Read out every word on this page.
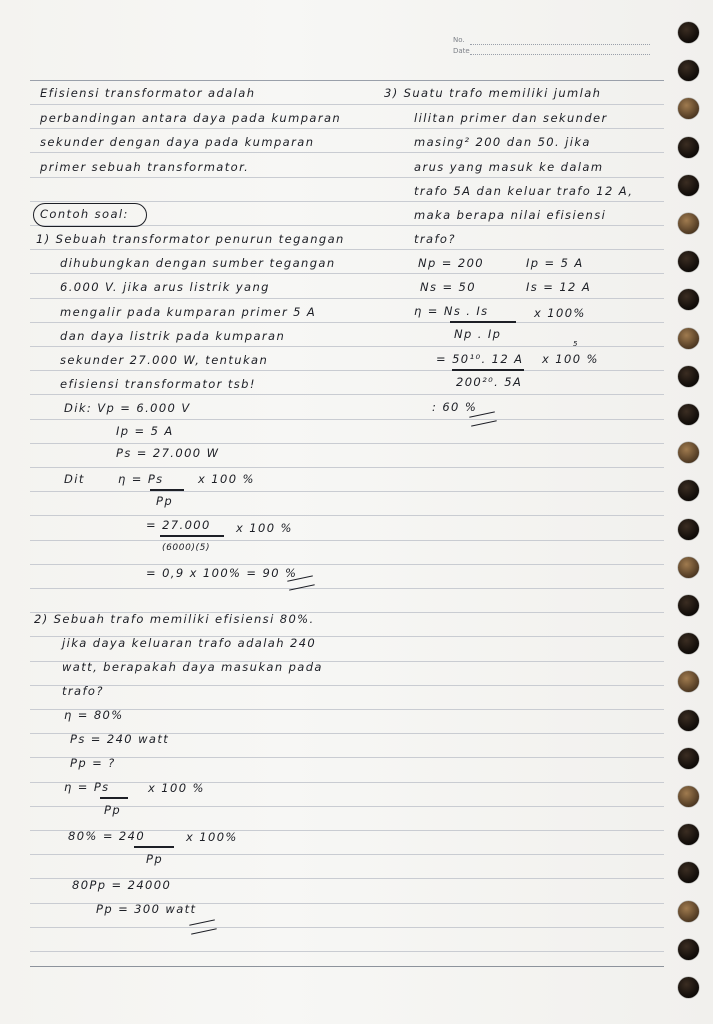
No.
Date
Efisiensi transformator adalah
perbandingan antara daya pada kumparan
sekunder dengan daya pada kumparan
primer sebuah transformator.
Contoh soal:
1) Sebuah transformator penurun tegangan
dihubungkan dengan sumber tegangan
6.000 V. jika arus listrik yang
mengalir pada kumparan primer 5 A
dan daya listrik pada kumparan
sekunder 27.000 W, tentukan
efisiensi transformator tsb!
Dik: Vp = 6.000 V
Ip = 5 A
Ps = 27.000 W
Dit	η = Ps	x 100 %
Pp
= 27.000 x 100 %
(6000)(5)
= 0,9 x 100% = 90 %
2) Sebuah trafo memiliki efisiensi 80%.
jika daya keluaran trafo adalah 240
watt, berapakah daya masukan pada
trafo?
η = 80%
Ps = 240 watt
Pp = ?
η = Ps	x 100 %
Pp
80% = 240	x 100%
Pp
80Pp = 24000
Pp = 300 watt
3) Suatu trafo memiliki jumlah
lilitan primer dan sekunder
masing² 200 dan 50. jika
arus yang masuk ke dalam
trafo 5A dan keluar trafo 12 A,
maka berapa nilai efisiensi
trafo?
Np = 200	Ip = 5 A
Ns = 50	Is = 12 A
η = Ns . Is	x 100%
Np . Ip
= 50¹⁰. 12 A
5
x 100 %
200²⁰. 5A
: 60 %
